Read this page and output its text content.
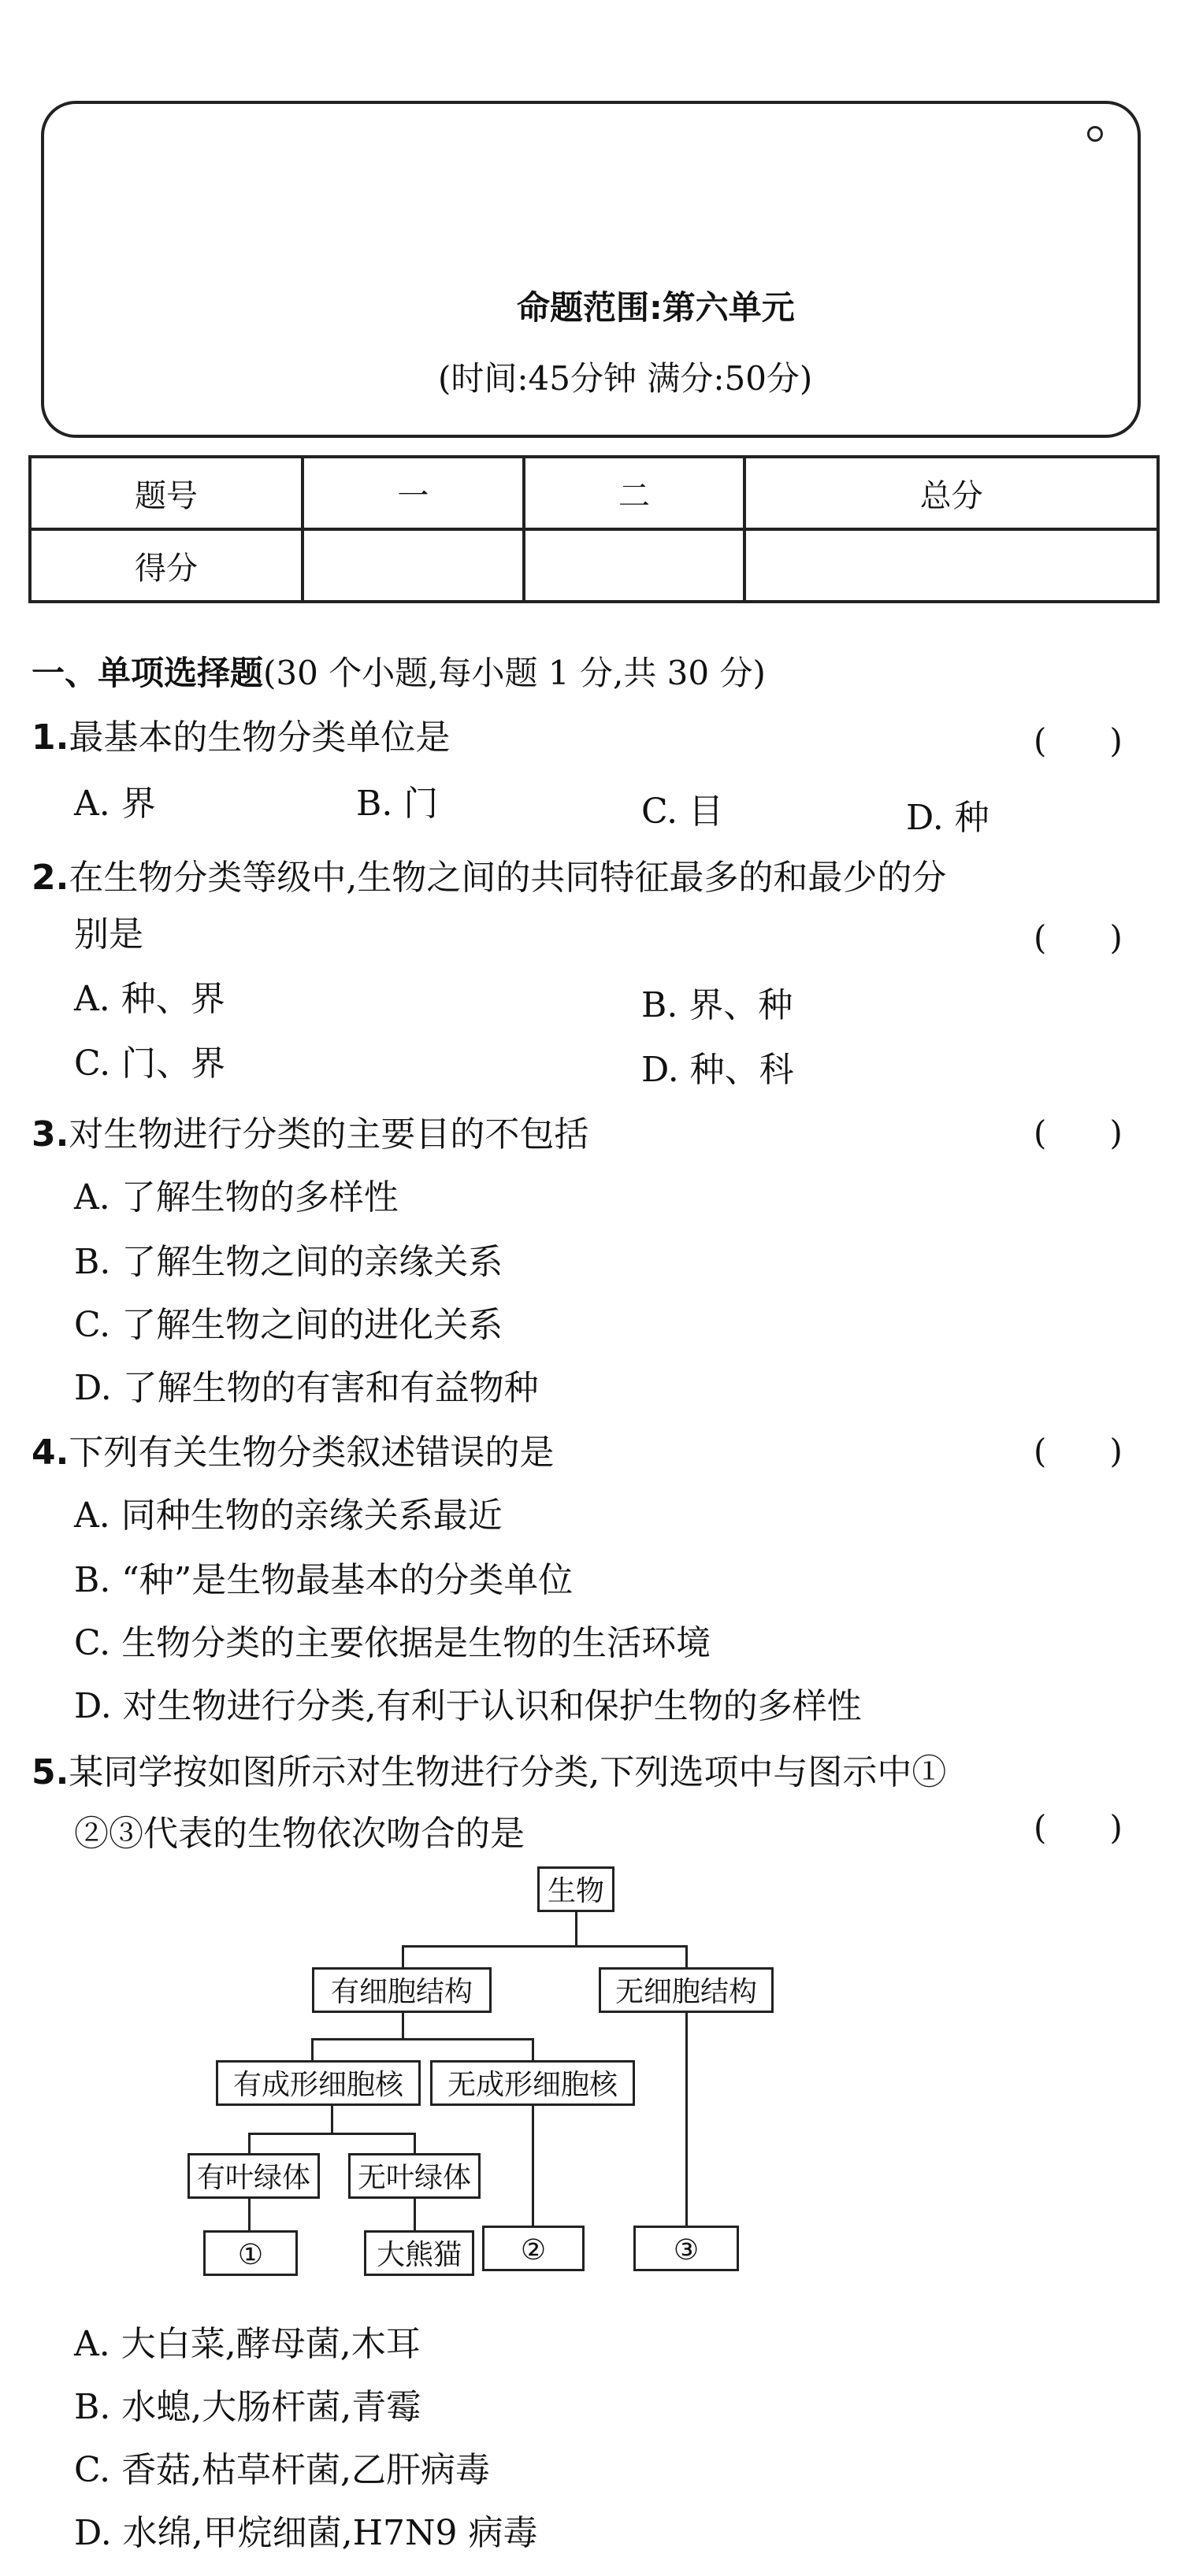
命题范围:第六单元
(时间:45分钟 满分:50分)
题号	一	二	总分
得分			
一、单项选择题(30 个小题,每小题 1 分,共 30 分)
1.最基本的生物分类单位是	(      )
A. 界	B. 门	C. 目	D. 种
2.在生物分类等级中,生物之间的共同特征最多的和最少的分
别是	(      )
A. 种、界	B. 界、种
C. 门、界	D. 种、科
3.对生物进行分类的主要目的不包括	(      )
A. 了解生物的多样性
B. 了解生物之间的亲缘关系
C. 了解生物之间的进化关系
D. 了解生物的有害和有益物种
4.下列有关生物分类叙述错误的是	(      )
A. 同种生物的亲缘关系最近
B. “种”是生物最基本的分类单位
C. 生物分类的主要依据是生物的生活环境
D. 对生物进行分类,有利于认识和保护生物的多样性
5.某同学按如图所示对生物进行分类,下列选项中与图示中①
②③代表的生物依次吻合的是	(      )
生物
有细胞结构	无细胞结构
有成形细胞核	无成形细胞核
有叶绿体	无叶绿体
①	大熊猫	②	③
A. 大白菜,酵母菌,木耳
B. 水螅,大肠杆菌,青霉
C. 香菇,枯草杆菌,乙肝病毒
D. 水绵,甲烷细菌,H7N9 病毒
